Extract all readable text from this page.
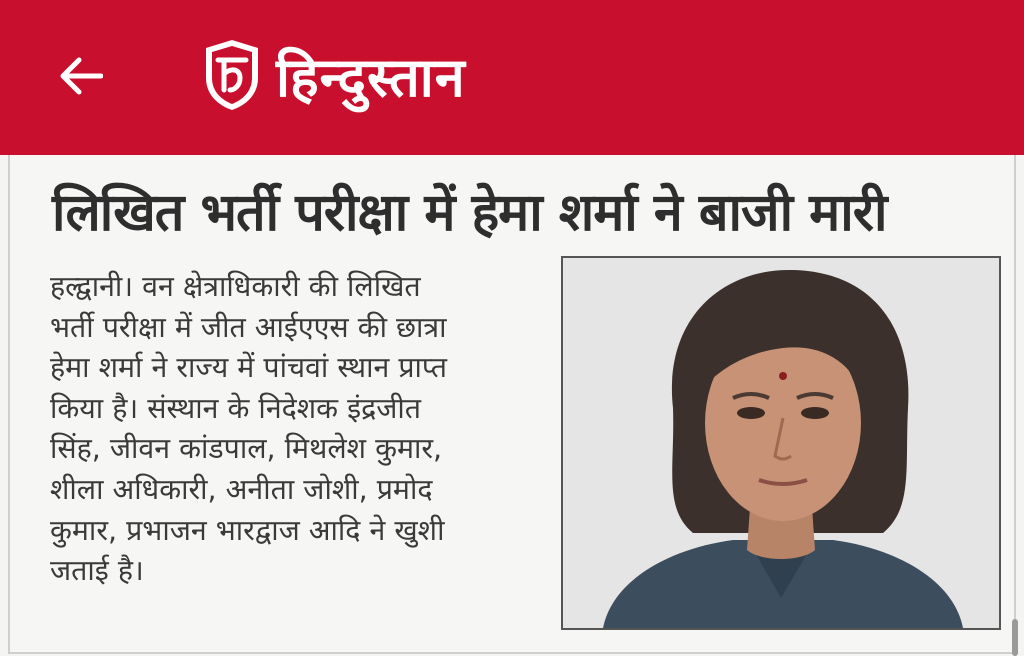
हिन्दुस्तान
लिखित भर्ती परीक्षा में हेमा शर्मा ने बाजी मारी
हल्द्वानी। वन क्षेत्राधिकारी की लिखित
भर्ती परीक्षा में जीत आईएएस की छात्रा
हेमा शर्मा ने राज्य में पांचवां स्थान प्राप्त
किया है। संस्थान के निदेशक इंद्रजीत
सिंह, जीवन कांडपाल, मिथलेश कुमार,
शीला अधिकारी, अनीता जोशी, प्रमोद
कुमार, प्रभाजन भारद्वाज आदि ने खुशी
जताई है।
